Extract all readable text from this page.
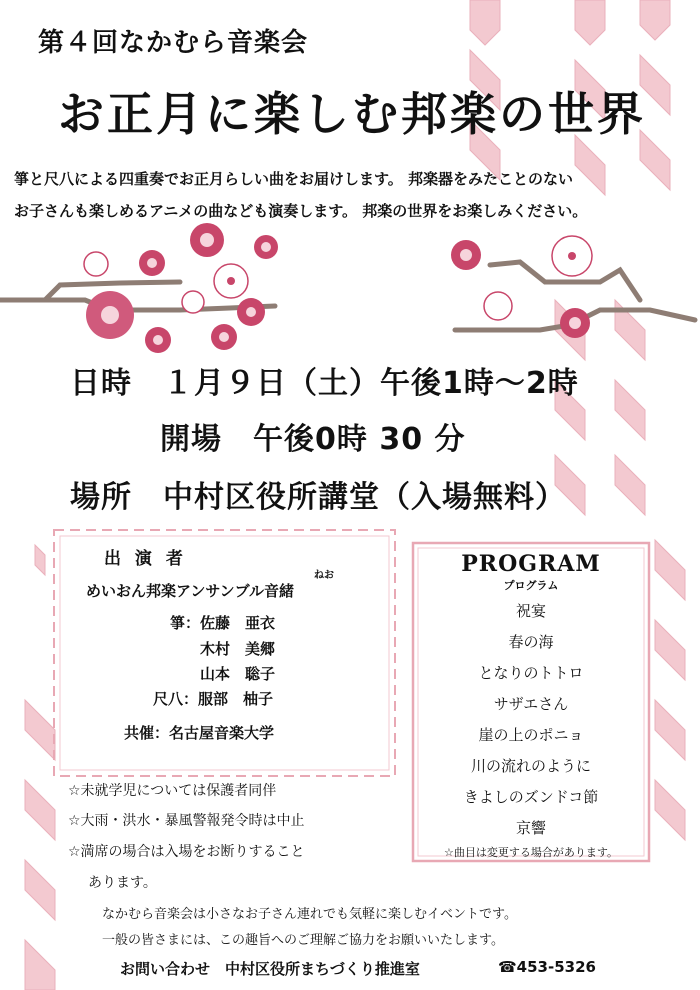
第４回なかむら音楽会
お正月に楽しむ邦楽の世界
箏と尺八による四重奏でお正月らしい曲をお届けします。 邦楽器をみたことのない
お子さんも楽しめるアニメの曲なども演奏します。 邦楽の世界をお楽しみください。
日時　１月９日（土）午後1時～2時
開場　午後0時 30 分
場所　中村区役所講堂（入場無料）
出 演 者
ねお
めいおん邦楽アンサンブル音緒
箏：佐藤　亜衣
木村　美郷
山本　聡子
尺八：服部　柚子
共催：名古屋音楽大学
PROGRAM
プログラム
祝宴
春の海
となりのトトロ
サザエさん
崖の上のポニョ
川の流れのように
きよしのズンドコ節
京響
☆曲目は変更する場合があります。
☆未就学児については保護者同伴
☆大雨・洪水・暴風警報発令時は中止
☆満席の場合は入場をお断りすること
あります。
なかむら音楽会は小さなお子さん連れでも気軽に楽しむイベントです。
一般の皆さまには、この趣旨へのご理解ご協力をお願いいたします。
お問い合わせ　中村区役所まちづくり推進室	☎453-5326
